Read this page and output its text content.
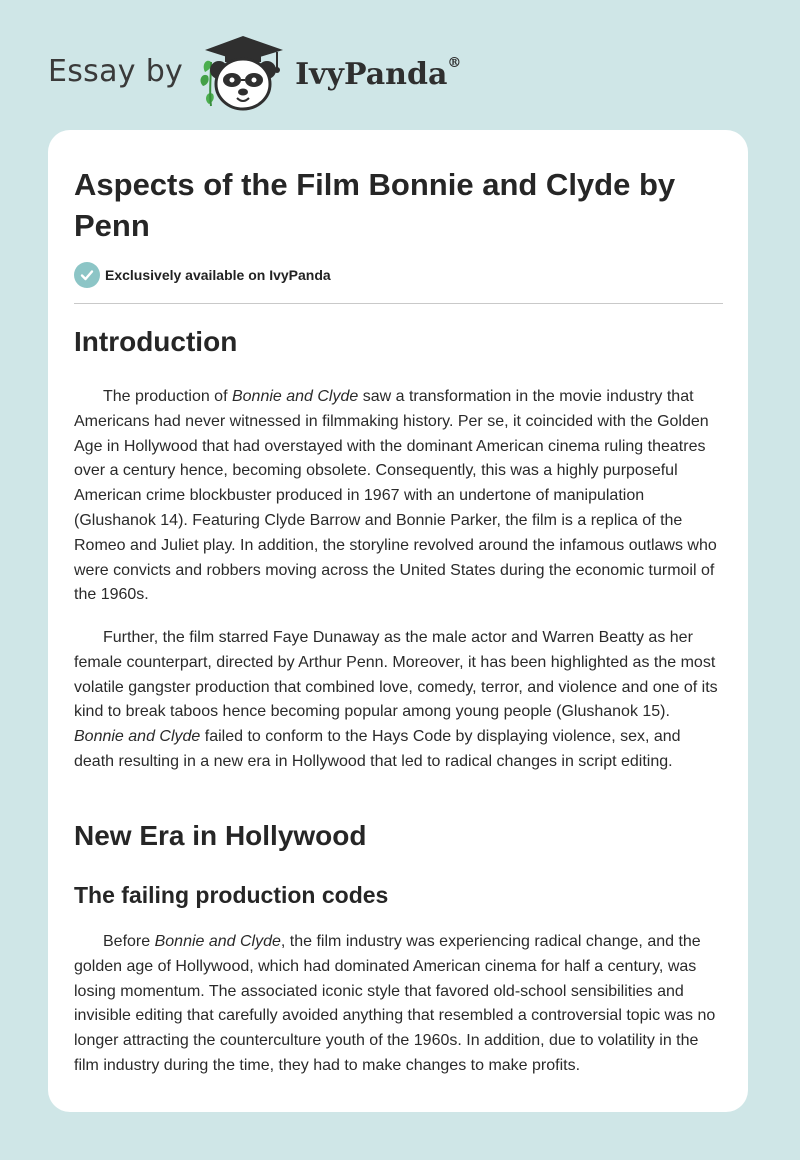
Essay by	IvyPanda®
Aspects of the Film Bonnie and Clyde by Penn
Exclusively available on IvyPanda
Introduction

The production of Bonnie and Clyde saw a transformation in the movie industry that Americans had never witnessed in filmmaking history. Per se, it coincided with the Golden Age in Hollywood that had overstayed with the dominant American cinema ruling theatres over a century hence, becoming obsolete. Consequently, this was a highly purposeful American crime blockbuster produced in 1967 with an undertone of manipulation (Glushanok 14). Featuring Clyde Barrow and Bonnie Parker, the film is a replica of the Romeo and Juliet play. In addition, the storyline revolved around the infamous outlaws who were convicts and robbers moving across the United States during the economic turmoil of the 1960s.

Further, the film starred Faye Dunaway as the male actor and Warren Beatty as her female counterpart, directed by Arthur Penn. Moreover, it has been highlighted as the most volatile gangster production that combined love, comedy, terror, and violence and one of its kind to break taboos hence becoming popular among young people (Glushanok 15). Bonnie and Clyde failed to conform to the Hays Code by displaying violence, sex, and death resulting in a new era in Hollywood that led to radical changes in script editing.

New Era in Hollywood
The failing production codes

Before Bonnie and Clyde, the film industry was experiencing radical change, and the golden age of Hollywood, which had dominated American cinema for half a century, was losing momentum. The associated iconic style that favored old-school sensibilities and invisible editing that carefully avoided anything that resembled a controversial topic was no longer attracting the counterculture youth of the 1960s. In addition, due to volatility in the film industry during the time, they had to make changes to make profits.
